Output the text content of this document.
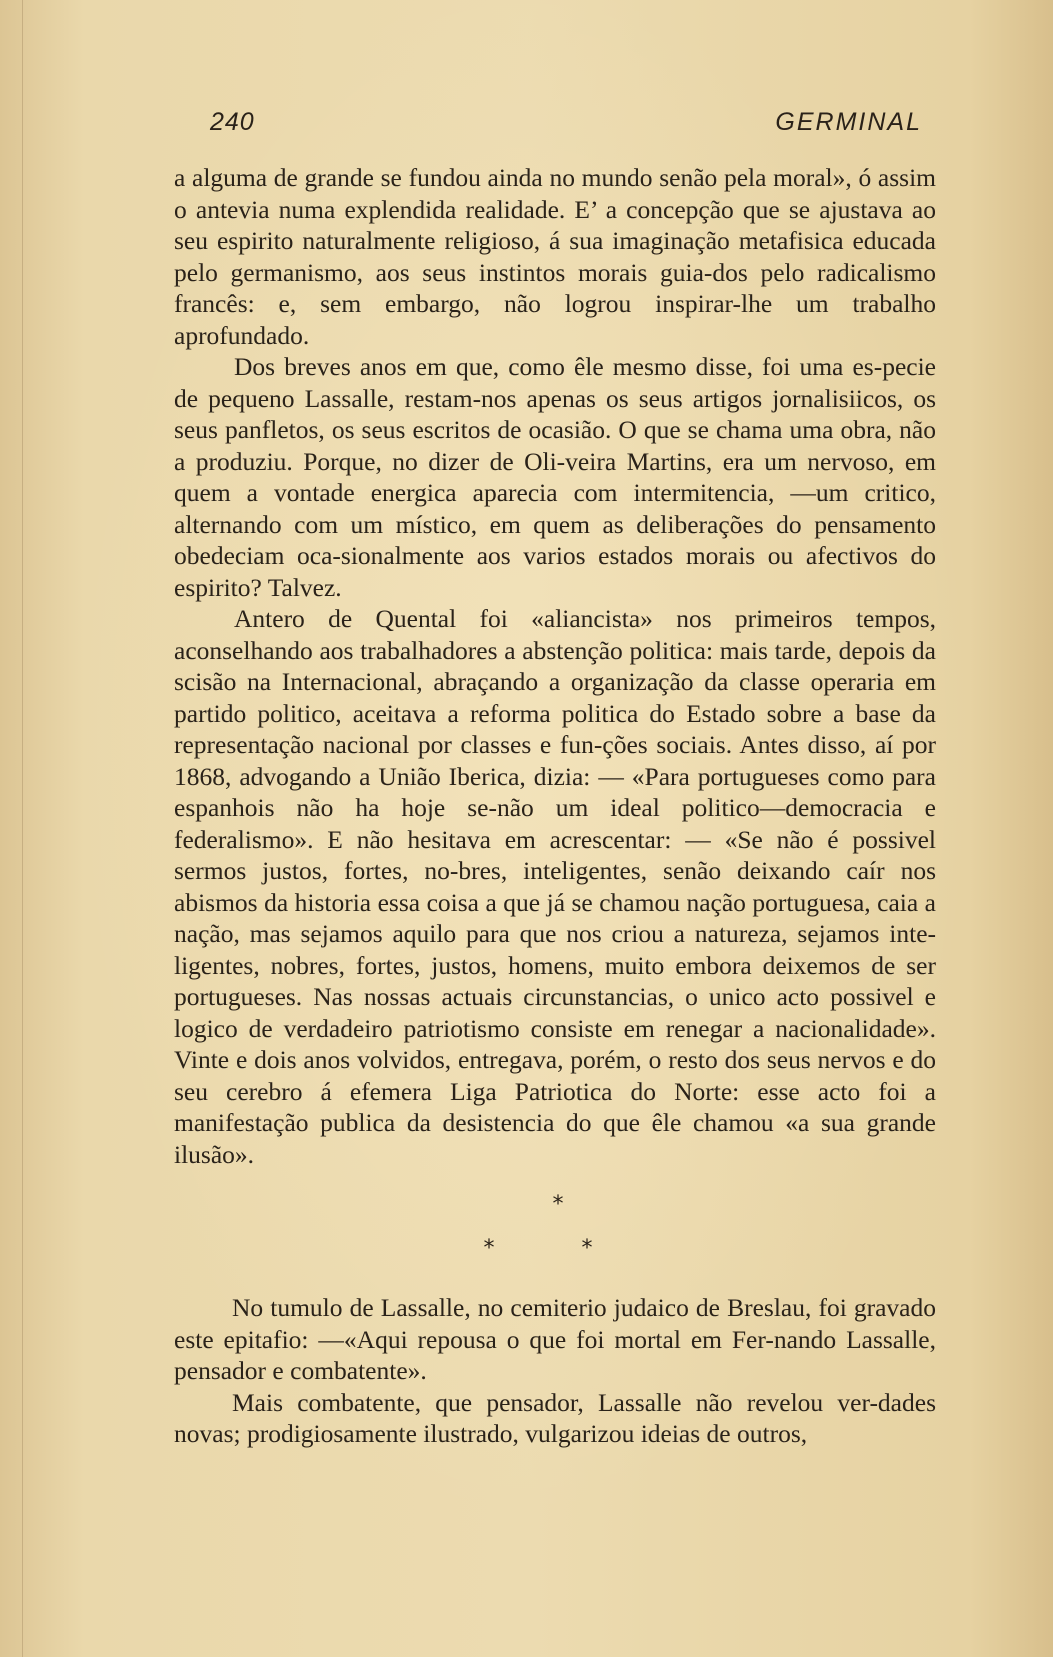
240	GERMINAL

a alguma de grande se fundou ainda no mundo senão pela moral», ó assim o antevia numa explendida realidade. E’ a concepção que se ajustava ao seu espirito naturalmente religioso, á sua imaginação metafisica educada pelo germanismo, aos seus instintos morais guia-dos pelo radicalismo francês: e, sem embargo, não logrou inspirar-lhe um trabalho aprofundado.

Dos breves anos em que, como êle mesmo disse, foi uma es-pecie de pequeno Lassalle, restam-nos apenas os seus artigos jornalisiicos, os seus panfletos, os seus escritos de ocasião. O que se chama uma obra, não a produziu. Porque, no dizer de Oli-veira Martins, era um nervoso, em quem a vontade energica aparecia com intermitencia, —um critico, alternando com um místico, em quem as deliberações do pensamento obedeciam oca-sionalmente aos varios estados morais ou afectivos do espirito? Talvez.

Antero de Quental foi «aliancista» nos primeiros tempos, aconselhando aos trabalhadores a abstenção politica: mais tarde, depois da scisão na Internacional, abraçando a organização da classe operaria em partido politico, aceitava a reforma politica do Estado sobre a base da representação nacional por classes e fun-ções sociais. Antes disso, aí por 1868, advogando a União Iberica, dizia: — «Para portugueses como para espanhois não ha hoje se-não um ideal politico—democracia e federalismo». E não hesitava em acrescentar: — «Se não é possivel sermos justos, fortes, no-bres, inteligentes, senão deixando caír nos abismos da historia essa coisa a que já se chamou nação portuguesa, caia a nação, mas sejamos aquilo para que nos criou a natureza, sejamos inte-ligentes, nobres, fortes, justos, homens, muito embora deixemos de ser portugueses. Nas nossas actuais circunstancias, o unico acto possivel e logico de verdadeiro patriotismo consiste em renegar a nacionalidade». Vinte e dois anos volvidos, entregava, porém, o resto dos seus nervos e do seu cerebro á efemera Liga Patriotica do Norte: esse acto foi a manifestação publica da desistencia do que êle chamou «a sua grande ilusão».

*
* *

No tumulo de Lassalle, no cemiterio judaico de Breslau, foi gravado este epitafio: —«Aqui repousa o que foi mortal em Fer-nando Lassalle, pensador e combatente».

Mais combatente, que pensador, Lassalle não revelou ver-dades novas; prodigiosamente ilustrado, vulgarizou ideias de outros,
